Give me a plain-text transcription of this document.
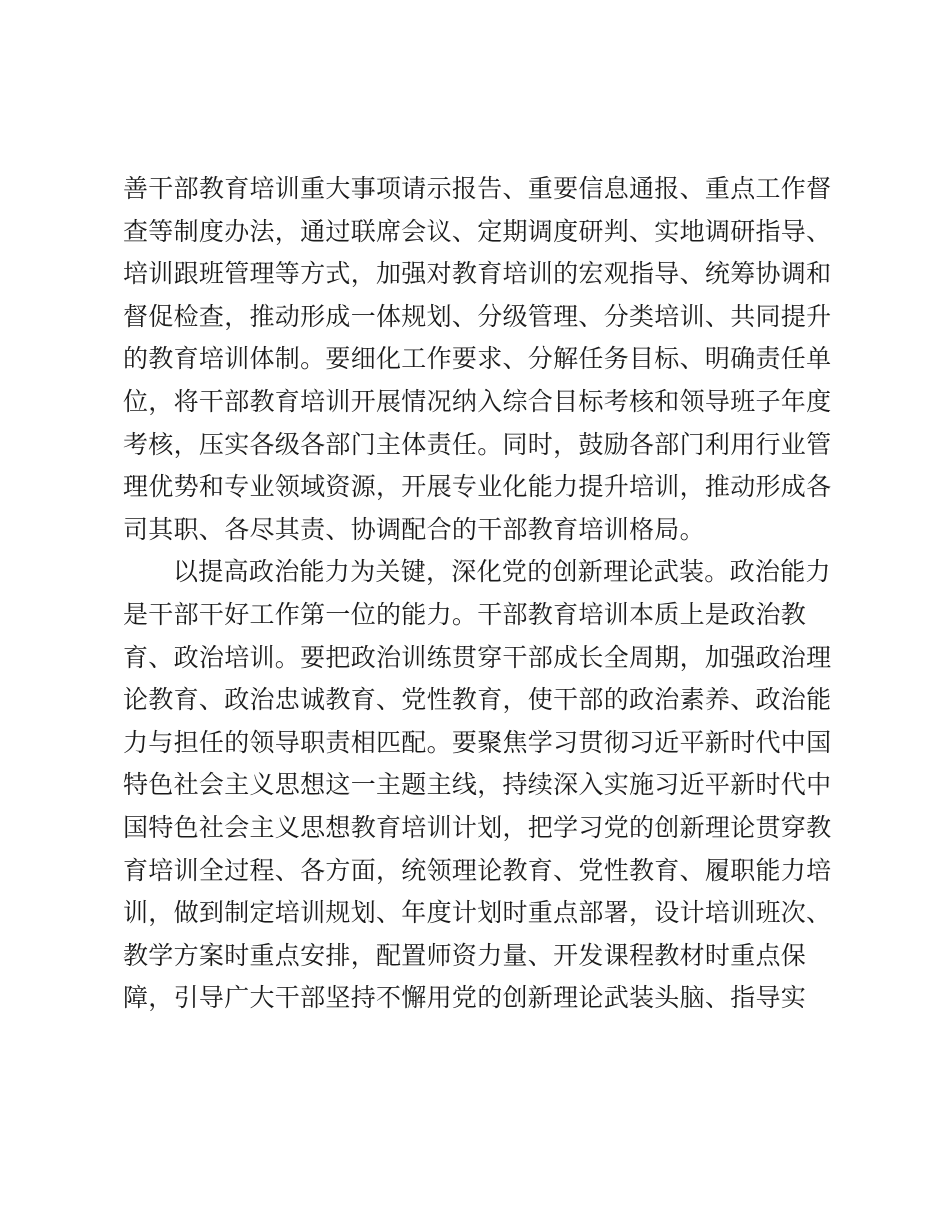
善干部教育培训重大事项请示报告、重要信息通报、重点工作督
查等制度办法，通过联席会议、定期调度研判、实地调研指导、
培训跟班管理等方式，加强对教育培训的宏观指导、统筹协调和
督促检查，推动形成一体规划、分级管理、分类培训、共同提升
的教育培训体制。要细化工作要求、分解任务目标、明确责任单
位，将干部教育培训开展情况纳入综合目标考核和领导班子年度
考核，压实各级各部门主体责任。同时，鼓励各部门利用行业管
理优势和专业领域资源，开展专业化能力提升培训，推动形成各
司其职、各尽其责、协调配合的干部教育培训格局。
以提高政治能力为关键，深化党的创新理论武装。政治能力
是干部干好工作第一位的能力。干部教育培训本质上是政治教
育、政治培训。要把政治训练贯穿干部成长全周期，加强政治理
论教育、政治忠诚教育、党性教育，使干部的政治素养、政治能
力与担任的领导职责相匹配。要聚焦学习贯彻习近平新时代中国
特色社会主义思想这一主题主线，持续深入实施习近平新时代中
国特色社会主义思想教育培训计划，把学习党的创新理论贯穿教
育培训全过程、各方面，统领理论教育、党性教育、履职能力培
训，做到制定培训规划、年度计划时重点部署，设计培训班次、
教学方案时重点安排，配置师资力量、开发课程教材时重点保
障，引导广大干部坚持不懈用党的创新理论武装头脑、指导实
